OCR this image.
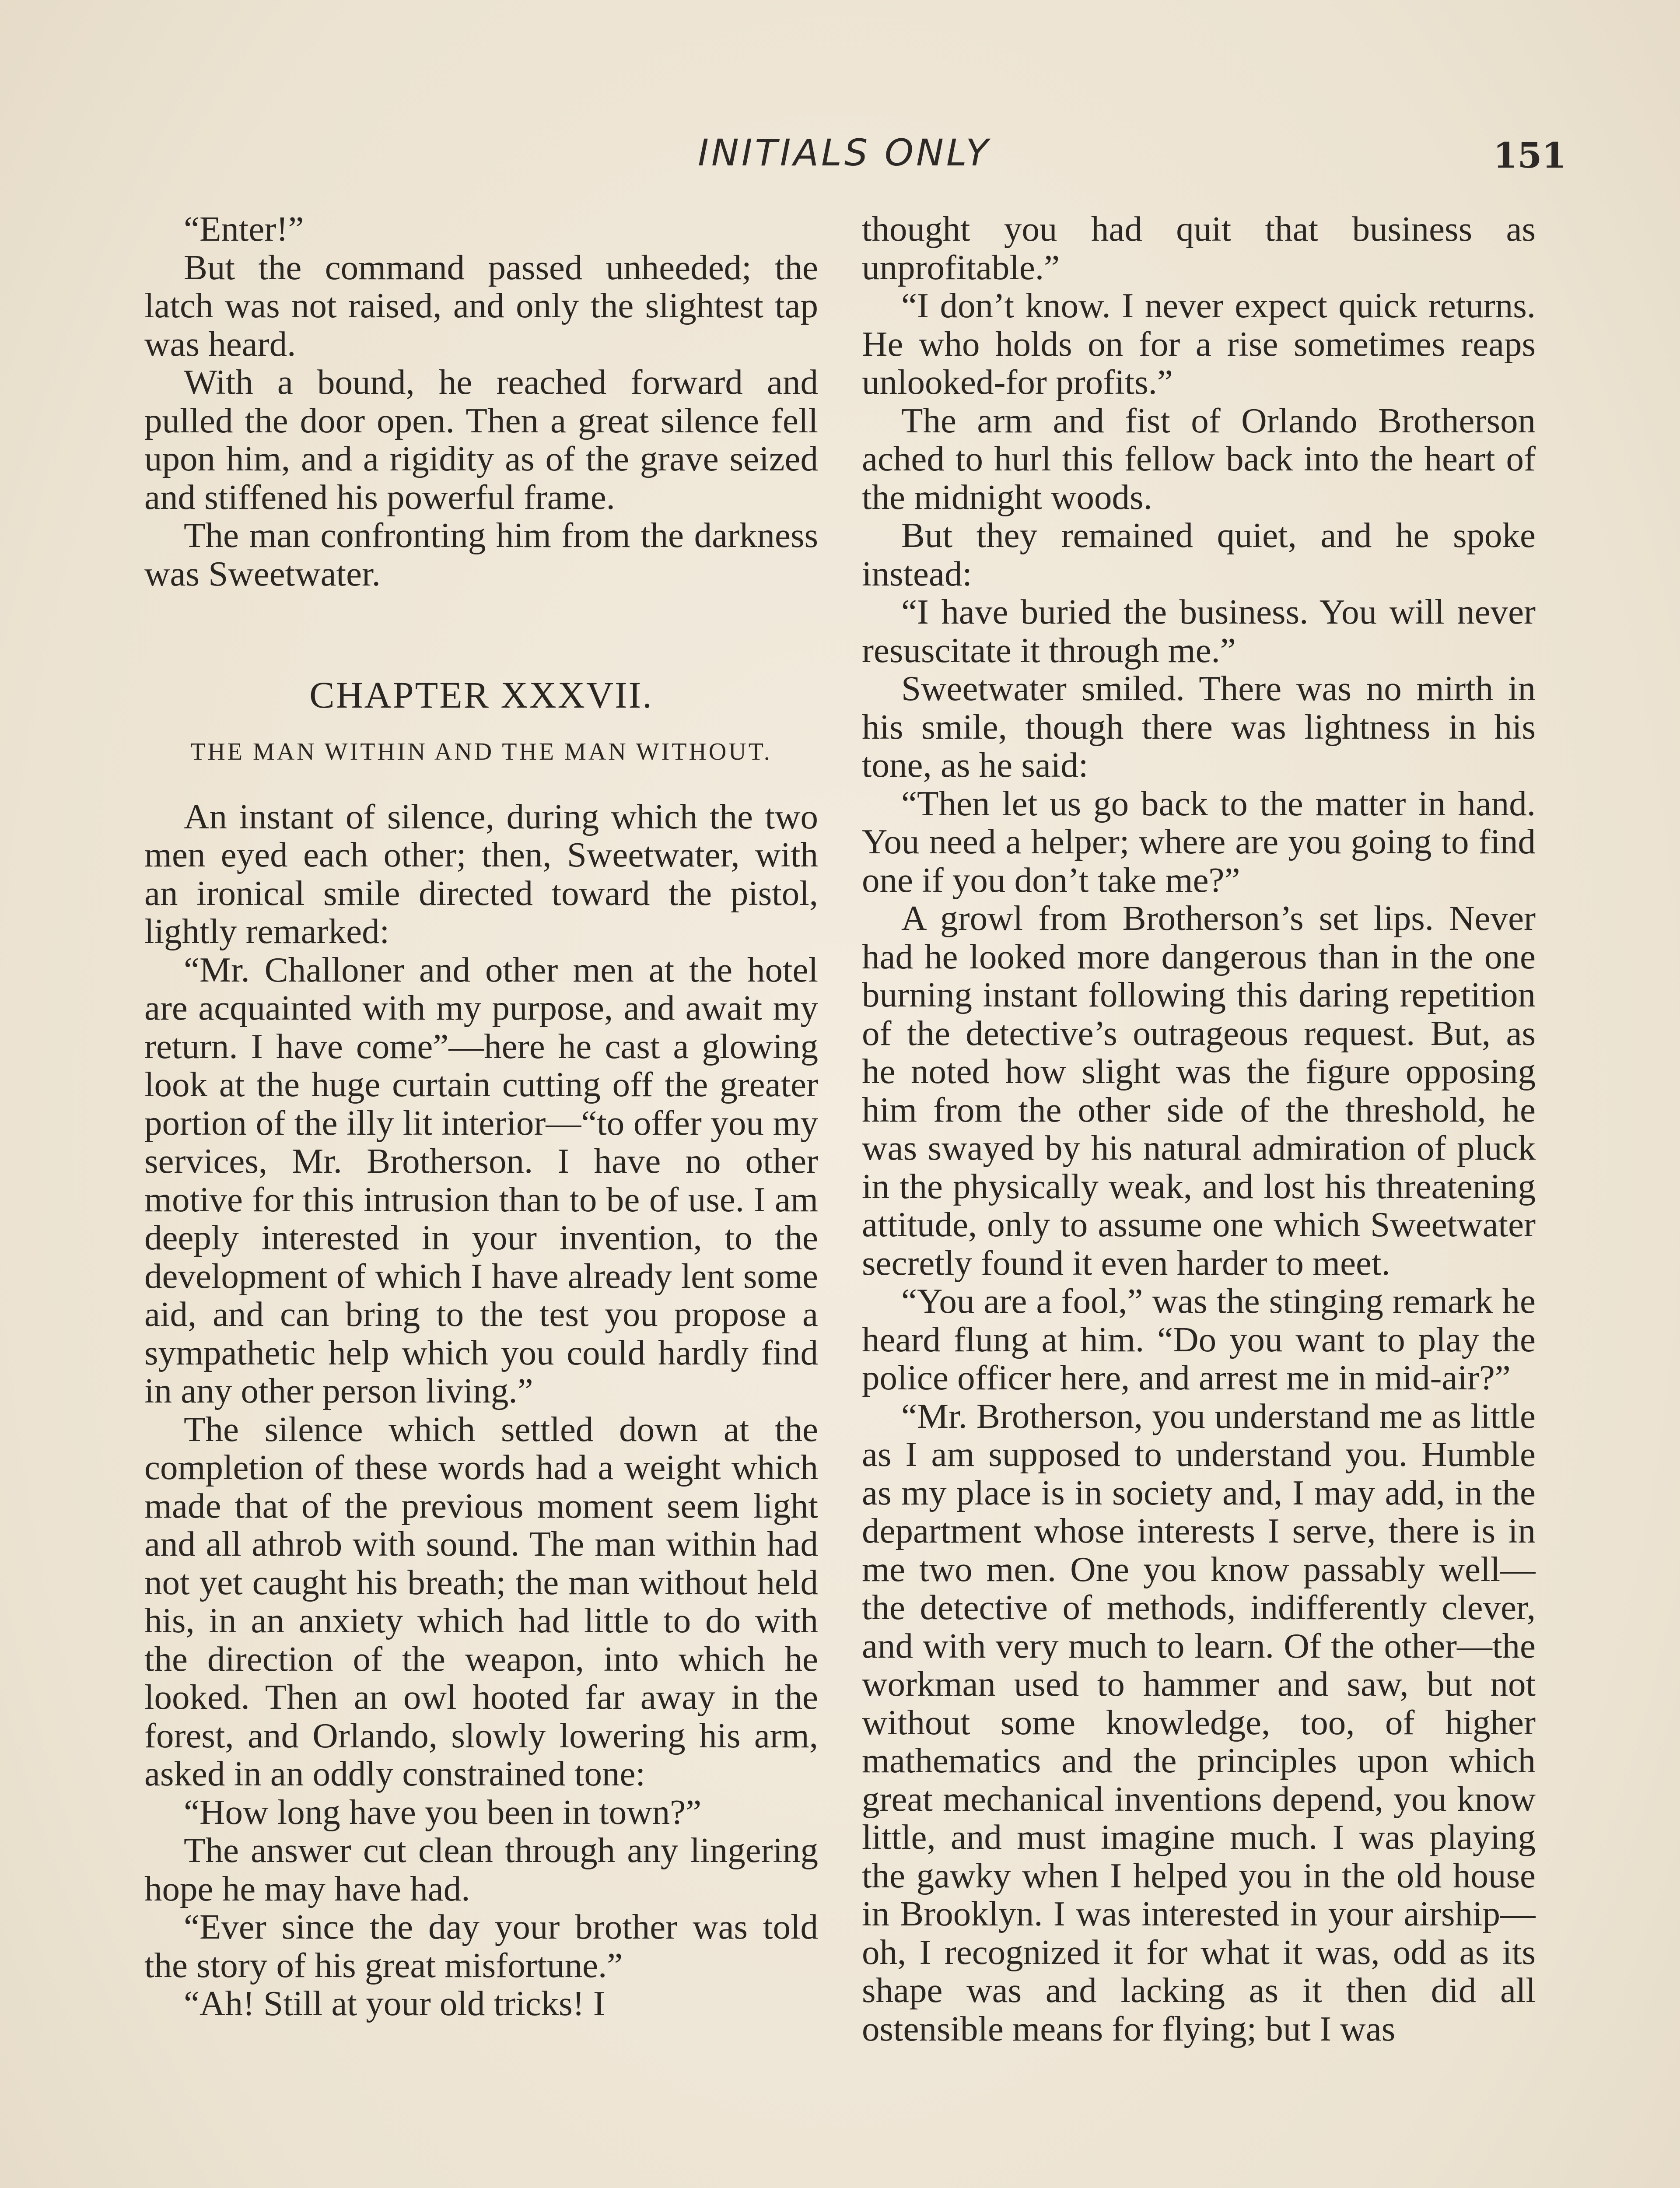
INITIALS ONLY	151

“Enter!”

But the command passed unheeded; the latch was not raised, and only the slightest tap was heard.

With a bound, he reached forward and pulled the door open. Then a great silence fell upon him, and a rigidity as of the grave seized and stiffened his powerful frame.

The man confronting him from the darkness was Sweetwater.

CHAPTER XXXVII.
THE MAN WITHIN AND THE MAN WITHOUT.

An instant of silence, during which the two men eyed each other; then, Sweetwater, with an ironical smile directed toward the pistol, lightly remarked:

“Mr. Challoner and other men at the hotel are acquainted with my purpose, and await my return. I have come”—here he cast a glowing look at the huge curtain cutting off the greater portion of the illy lit interior—“to offer you my services, Mr. Brotherson. I have no other motive for this intrusion than to be of use. I am deeply interested in your invention, to the development of which I have already lent some aid, and can bring to the test you propose a sympathetic help which you could hardly find in any other person living.”

The silence which settled down at the completion of these words had a weight which made that of the previous moment seem light and all athrob with sound. The man within had not yet caught his breath; the man without held his, in an anxiety which had little to do with the direction of the weapon, into which he looked. Then an owl hooted far away in the forest, and Orlando, slowly lowering his arm, asked in an oddly constrained tone:

“How long have you been in town?”

The answer cut clean through any lingering hope he may have had.

“Ever since the day your brother was told the story of his great misfortune.”

“Ah! Still at your old tricks! I

thought you had quit that business as unprofitable.”

“I don’t know. I never expect quick returns. He who holds on for a rise sometimes reaps unlooked-for profits.”

The arm and fist of Orlando Brotherson ached to hurl this fellow back into the heart of the midnight woods.

But they remained quiet, and he spoke instead:

“I have buried the business. You will never resuscitate it through me.”

Sweetwater smiled. There was no mirth in his smile, though there was lightness in his tone, as he said:

“Then let us go back to the matter in hand. You need a helper; where are you going to find one if you don’t take me?”

A growl from Brotherson’s set lips. Never had he looked more dangerous than in the one burning instant following this daring repetition of the detective’s outrageous request. But, as he noted how slight was the figure opposing him from the other side of the threshold, he was swayed by his natural admiration of pluck in the physically weak, and lost his threatening attitude, only to assume one which Sweetwater secretly found it even harder to meet.

“You are a fool,” was the stinging remark he heard flung at him. “Do you want to play the police officer here, and arrest me in mid-air?”

“Mr. Brotherson, you understand me as little as I am supposed to understand you. Humble as my place is in society and, I may add, in the department whose interests I serve, there is in me two men. One you know passably well—the detective of methods, indifferently clever, and with very much to learn. Of the other—the workman used to hammer and saw, but not without some knowledge, too, of higher mathematics and the principles upon which great mechanical inventions depend, you know little, and must imagine much. I was playing the gawky when I helped you in the old house in Brooklyn. I was interested in your airship—oh, I recognized it for what it was, odd as its shape was and lacking as it then did all ostensible means for flying; but I was
